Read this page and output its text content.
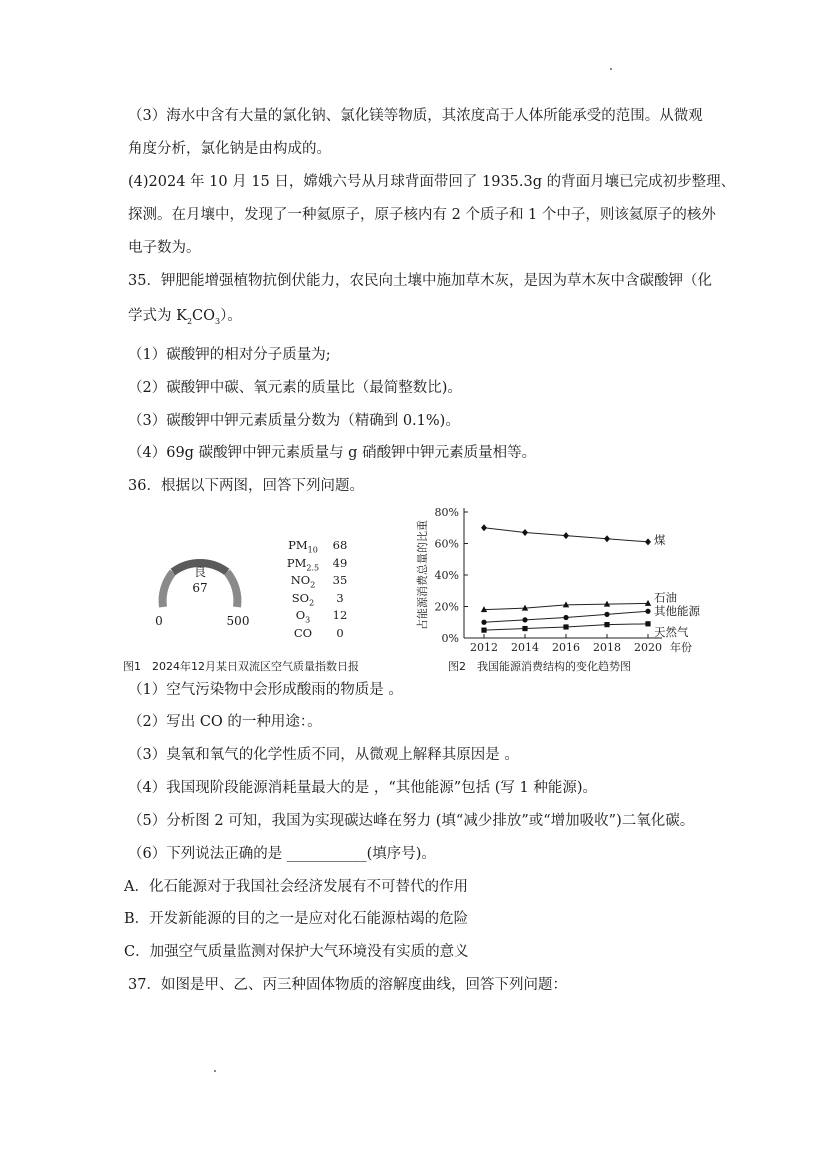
（3）海水中含有大量的氯化钠、氯化镁等物质，其浓度高于人体所能承受的范围。从微观
角度分析，氯化钠是由构成的。
(4)2024 年 10 月 15 日，嫦娥六号从月球背面带回了 1935.3g 的背面月壤已完成初步整理、
探测。在月壤中，发现了一种氦原子，原子核内有 2 个质子和 1 个中子，则该氦原子的核外
电子数为。
35．钾肥能增强植物抗倒伏能力，农民向土壤中施加草木灰，是因为草木灰中含碳酸钾（化
学式为 $K_2CO_3$）。
（1）碳酸钾的相对分子质量为;
（2）碳酸钾中碳、氧元素的质量比（最简整数比)。
（3）碳酸钾中钾元素质量分数为（精确到 0.1%)。
（4）69g 碳酸钾中钾元素质量与 g 硝酸钾中钾元素质量相等。
36．根据以下两图，回答下列问题。
良
67
0	500
$PM_{10}$	68
$PM_{2.5}$	49
$NO_2$	35
$SO_2$	3
$O_3$	12
CO	0
图1　2024年12月某日双流区空气质量指数日报
0%
20%
40%
60%
80%
2012 2014 2016 2018 2020 年份
占能源消费总量的比重	煤
石油
其他能源
天然气
图2　我国能源消费结构的变化趋势图
（1）空气污染物中会形成酸雨的物质是 。
（2）写出 CO 的一种用途：。
（3）臭氧和氧气的化学性质不同，从微观上解释其原因是 。
（4）我国现阶段能源消耗量最大的是 ，“其他能源”包括 (写 1 种能源)。
（5）分析图 2 可知，我国为实现碳达峰在努力 (填“减少排放”或“增加吸收”)二氧化碳。
（6）下列说法正确的是 ___________(填序号)。
A．化石能源对于我国社会经济发展有不可替代的作用
B．开发新能源的目的之一是应对化石能源枯竭的危险
C．加强空气质量监测对保护大气环境没有实质的意义
37．如图是甲、乙、丙三种固体物质的溶解度曲线，回答下列问题：
